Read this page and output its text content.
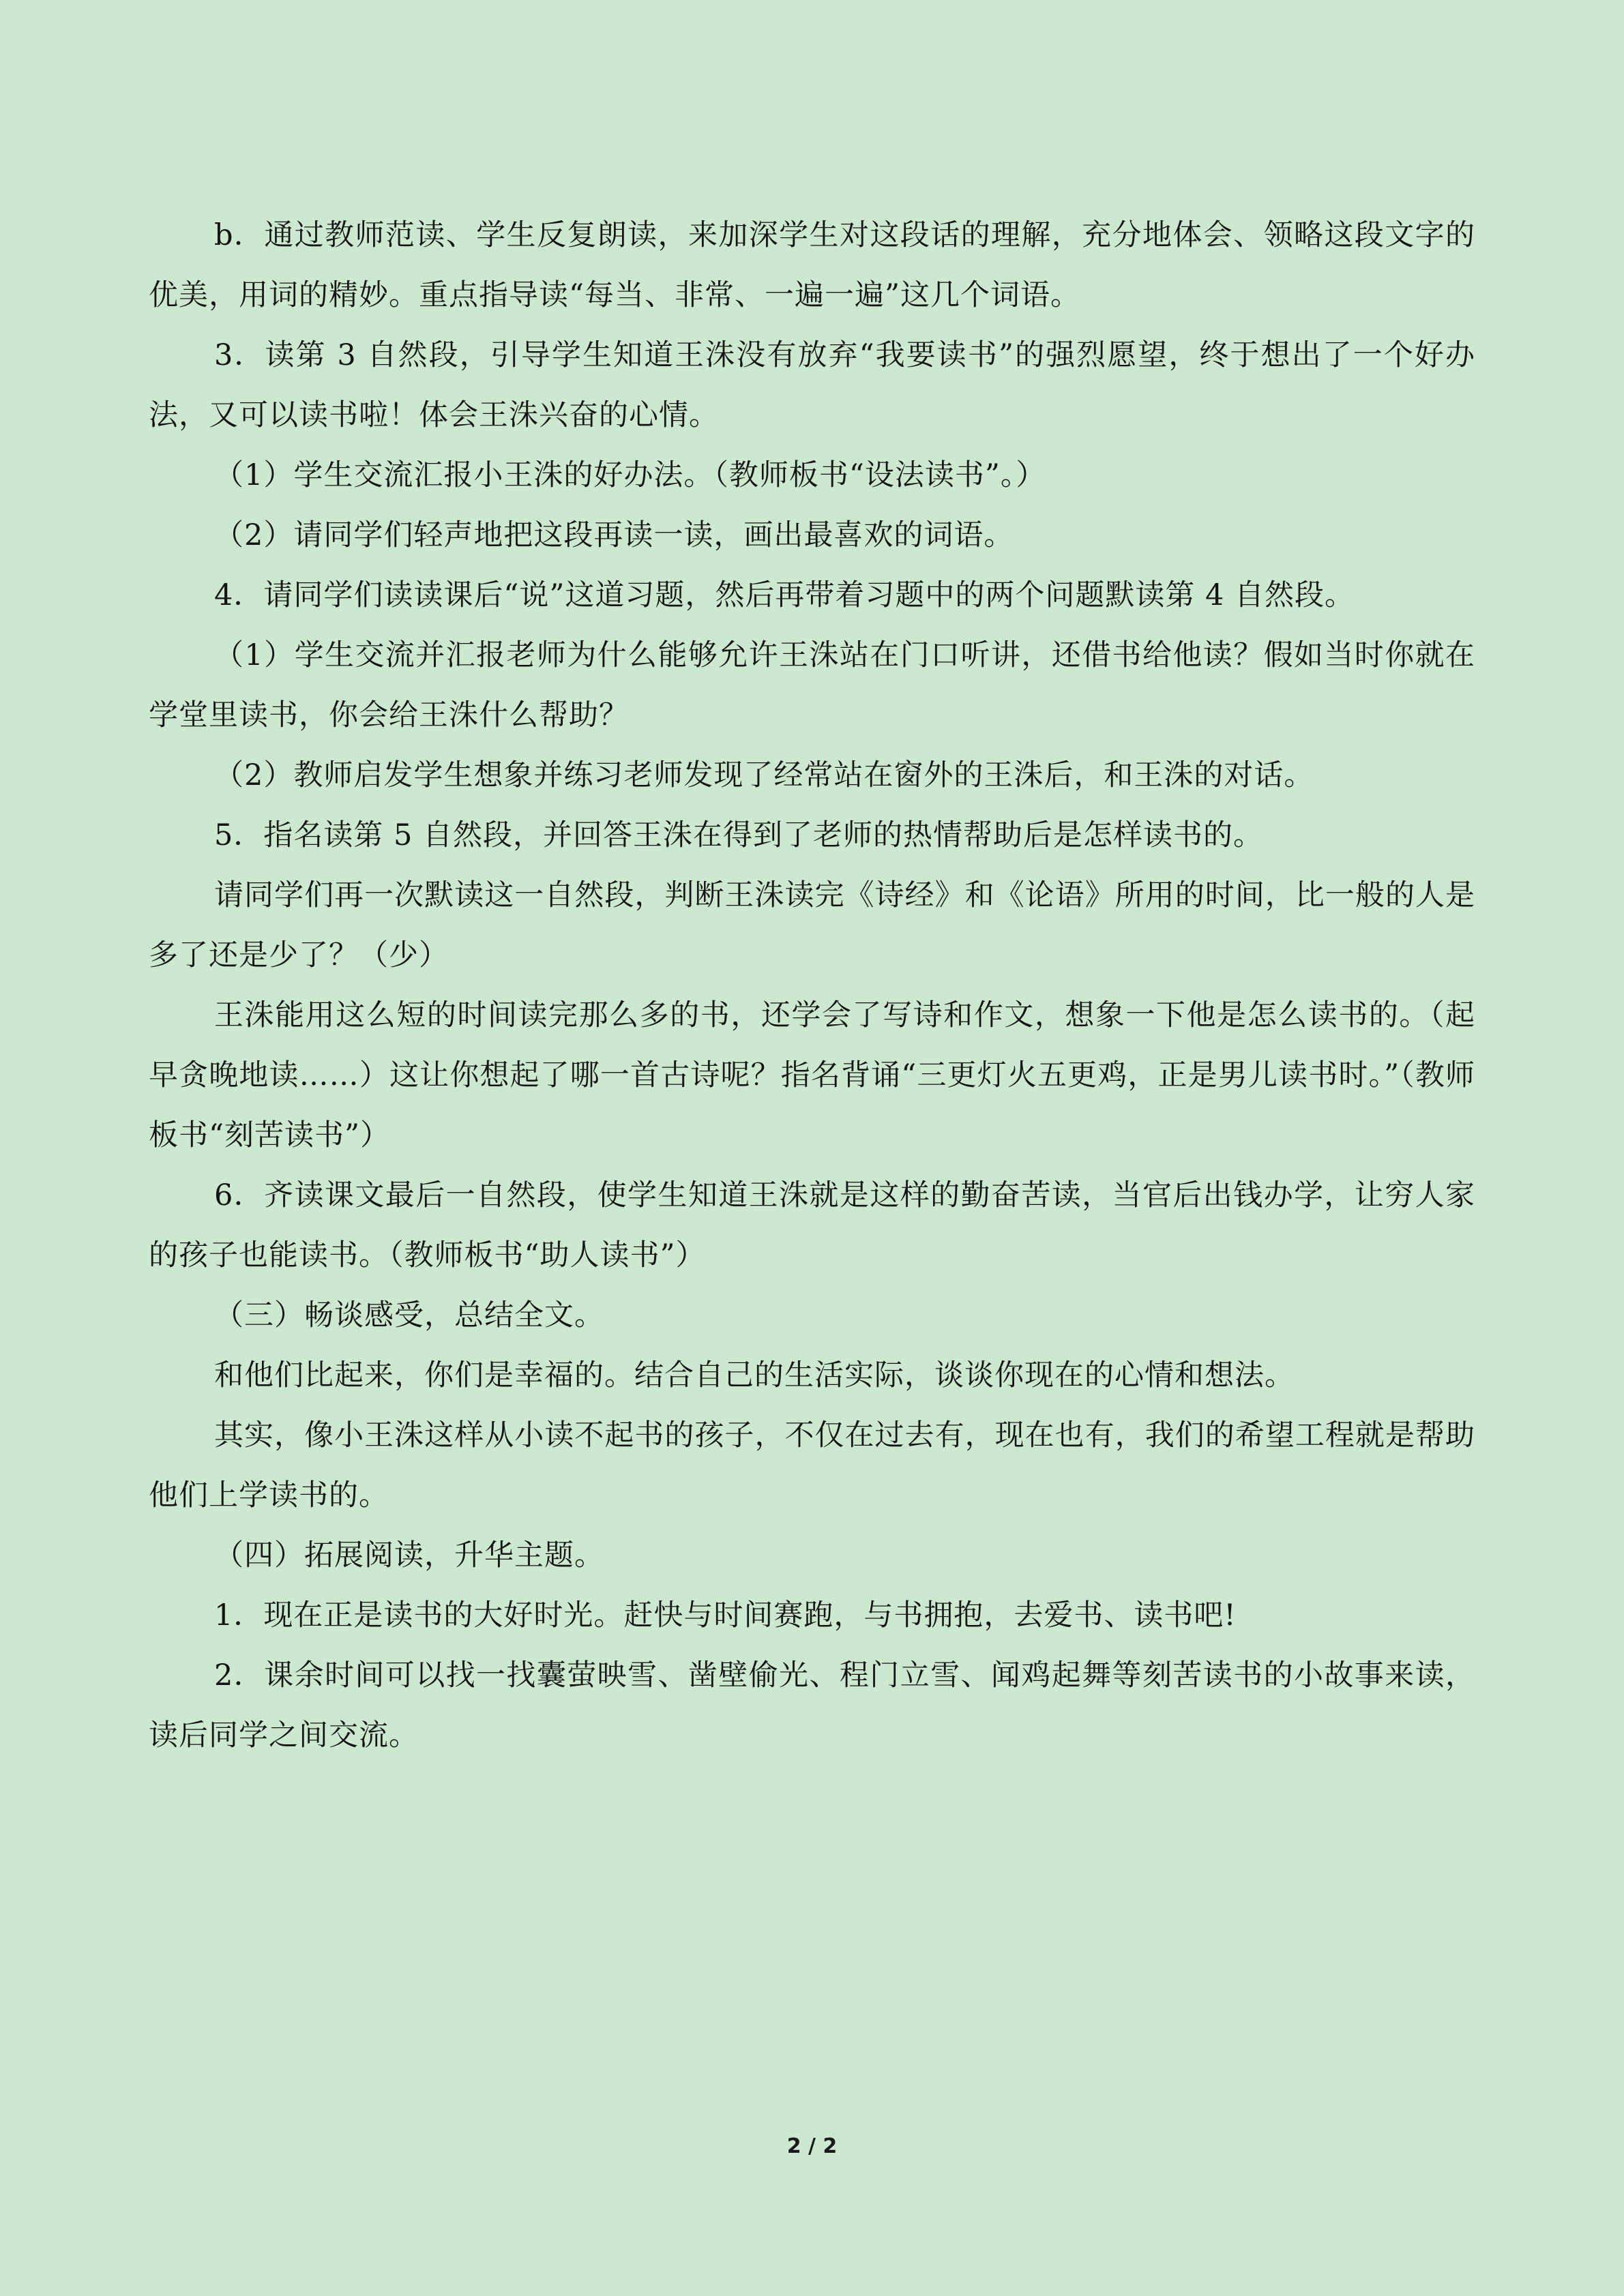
b．通过教师范读、学生反复朗读，来加深学生对这段话的理解，充分地体会、领略这段文字的优美，用词的精妙。重点指导读“每当、非常、一遍一遍”这几个词语。

3．读第 3 自然段，引导学生知道王洙没有放弃“我要读书”的强烈愿望，终于想出了一个好办法，又可以读书啦！体会王洙兴奋的心情。

（1）学生交流汇报小王洙的好办法。（教师板书“设法读书”。）

（2）请同学们轻声地把这段再读一读，画出最喜欢的词语。

4．请同学们读读课后“说”这道习题，然后再带着习题中的两个问题默读第 4 自然段。

（1）学生交流并汇报老师为什么能够允许王洙站在门口听讲，还借书给他读？假如当时你就在学堂里读书，你会给王洙什么帮助？

（2）教师启发学生想象并练习老师发现了经常站在窗外的王洙后，和王洙的对话。

5．指名读第 5 自然段，并回答王洙在得到了老师的热情帮助后是怎样读书的。

请同学们再一次默读这一自然段，判断王洙读完《诗经》和《论语》所用的时间，比一般的人是多了还是少了？（少）

王洙能用这么短的时间读完那么多的书，还学会了写诗和作文，想象一下他是怎么读书的。（起早贪晚地读……）这让你想起了哪一首古诗呢？指名背诵“三更灯火五更鸡，正是男儿读书时。”（教师板书“刻苦读书”）

6．齐读课文最后一自然段，使学生知道王洙就是这样的勤奋苦读，当官后出钱办学，让穷人家的孩子也能读书。（教师板书“助人读书”）

（三）畅谈感受，总结全文。

和他们比起来，你们是幸福的。结合自己的生活实际，谈谈你现在的心情和想法。

其实，像小王洙这样从小读不起书的孩子，不仅在过去有，现在也有，我们的希望工程就是帮助他们上学读书的。

（四）拓展阅读，升华主题。

1．现在正是读书的大好时光。赶快与时间赛跑，与书拥抱，去爱书、读书吧!

2．课余时间可以找一找囊萤映雪、凿壁偷光、程门立雪、闻鸡起舞等刻苦读书的小故事来读，读后同学之间交流。

2 / 2
